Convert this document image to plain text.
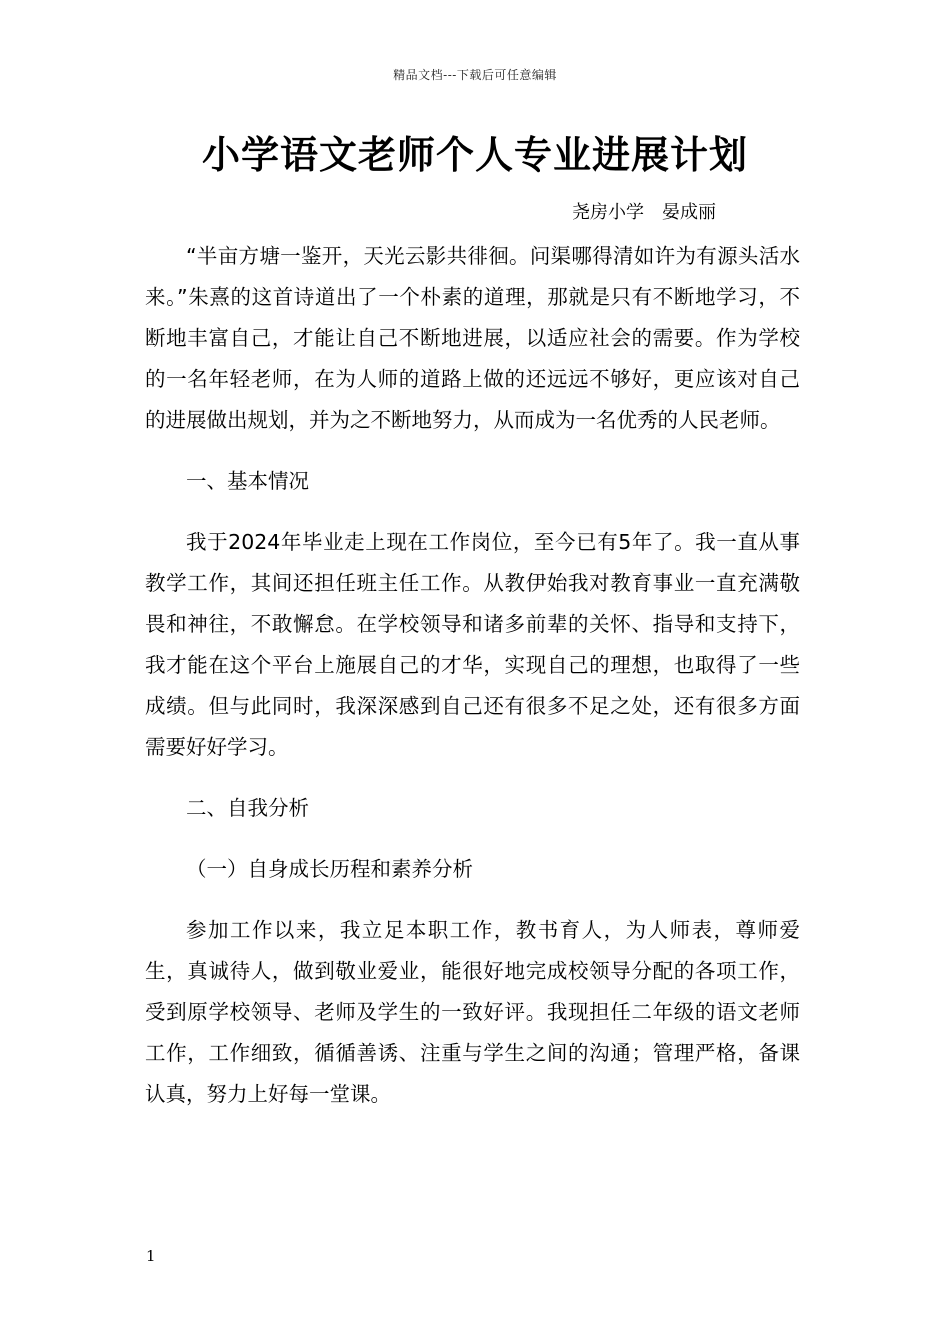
精品文档---下载后可任意编辑
小学语文老师个人专业进展计划
尧房小学　晏成丽

“半亩方塘一鉴开，天光云影共徘徊。问渠哪得清如许为有源头活水来。”朱熹的这首诗道出了一个朴素的道理，那就是只有不断地学习，不断地丰富自己，才能让自己不断地进展，以适应社会的需要。作为学校的一名年轻老师，在为人师的道路上做的还远远不够好，更应该对自己的进展做出规划，并为之不断地努力，从而成为一名优秀的人民老师。

一、基本情况

我于2024年毕业走上现在工作岗位，至今已有5年了。我一直从事教学工作，其间还担任班主任工作。从教伊始我对教育事业一直充满敬畏和神往，不敢懈怠。在学校领导和诸多前辈的关怀、指导和支持下，我才能在这个平台上施展自己的才华，实现自己的理想，也取得了一些成绩。但与此同时，我深深感到自己还有很多不足之处，还有很多方面需要好好学习。

二、自我分析

（一）自身成长历程和素养分析

参加工作以来，我立足本职工作，教书育人，为人师表，尊师爱生，真诚待人，做到敬业爱业，能很好地完成校领导分配的各项工作，受到原学校领导、老师及学生的一致好评。我现担任二年级的语文老师工作，工作细致，循循善诱、注重与学生之间的沟通；管理严格，备课认真，努力上好每一堂课。

1
